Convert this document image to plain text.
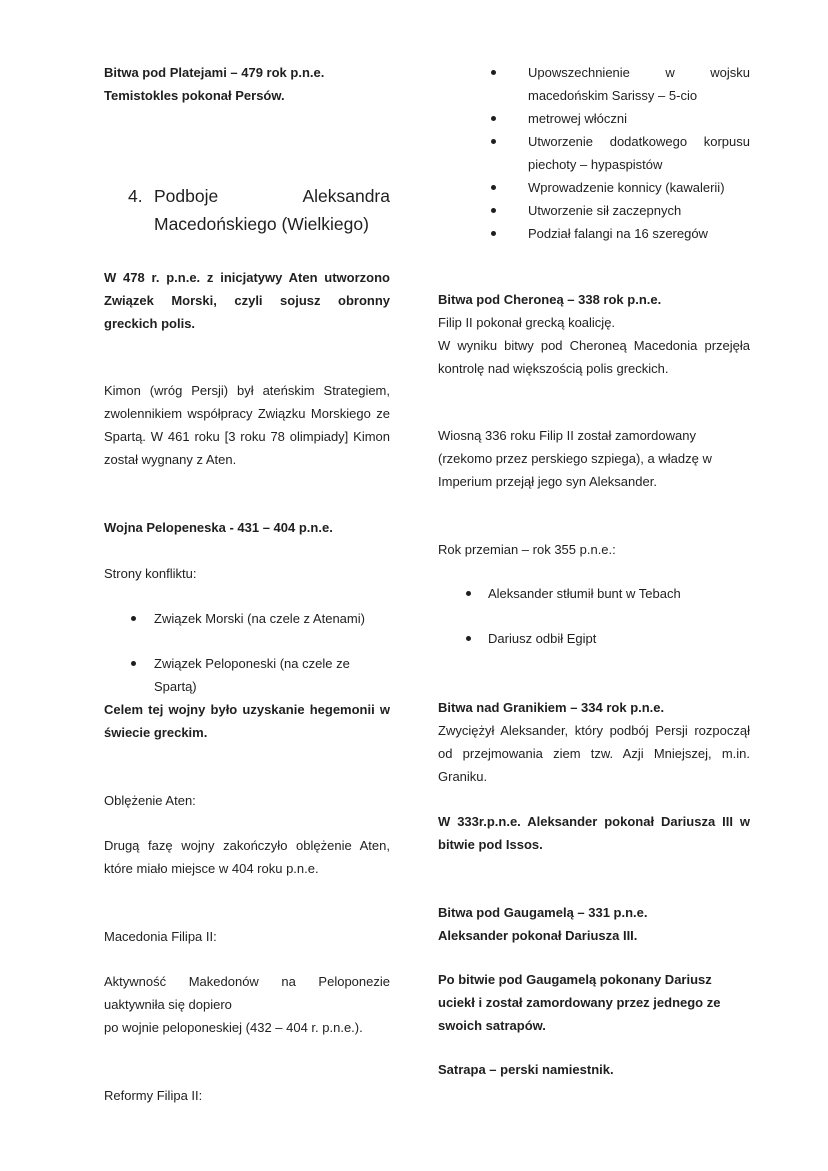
Bitwa pod Platejami – 479 rok p.n.e.
Temistokles pokonał Persów.
4. Podboje	Aleksandra
Macedońskiego (Wielkiego)
W 478 r. p.n.e. z inicjatywy Aten utworzono Związek Morski, czyli sojusz obronny greckich polis.
Kimon (wróg Persji) był ateńskim Strategiem, zwolennikiem współpracy Związku Morskiego ze Spartą. W 461 roku [3 roku 78 olimpiady] Kimon został wygnany z Aten.
Wojna Pelopeneska - 431 – 404 p.n.e.
Strony konfliktu:
Związek Morski (na czele z Atenami)
Związek Peloponeski (na czele ze Spartą)
Celem tej wojny było uzyskanie hegemonii w świecie greckim.
Oblężenie Aten:
Drugą fazę wojny zakończyło oblężenie Aten, które miało miejsce w 404 roku p.n.e.
Macedonia Filipa II:
Aktywność Makedonów na Peloponezie uaktywniła się dopiero
po wojnie peloponeskiej (432 – 404 r. p.n.e.).
Reformy Filipa II:
Upowszechnienie	w	wojsku
macedońskim Sarissy – 5-cio
metrowej włóczni
Utworzenie dodatkowego korpusu piechoty – hypaspistów
Wprowadzenie konnicy (kawalerii)
Utworzenie sił zaczepnych
Podział falangi na 16 szeregów
Bitwa pod Cheroneą – 338 rok p.n.e.
Filip II pokonał grecką koalicję.
W wyniku bitwy pod Cheroneą Macedonia przejęła kontrolę nad większością polis greckich.
Wiosną 336 roku Filip II został zamordowany
(rzekomo przez perskiego szpiega), a władzę w
Imperium przejął jego syn Aleksander.
Rok przemian – rok 355 p.n.e.:
Aleksander stłumił bunt w Tebach
Dariusz odbił Egipt
Bitwa nad Granikiem – 334 rok p.n.e.
Zwyciężył Aleksander, który podbój Persji rozpoczął od przejmowania ziem tzw. Azji Mniejszej, m.in. Graniku.
W 333r.p.n.e. Aleksander pokonał Dariusza III w bitwie pod Issos.
Bitwa pod Gaugamelą – 331 p.n.e.
Aleksander pokonał Dariusza III.
Po bitwie pod Gaugamelą pokonany Dariusz
uciekł i został zamordowany przez jednego ze
swoich satrapów.
Satrapa – perski namiestnik.
